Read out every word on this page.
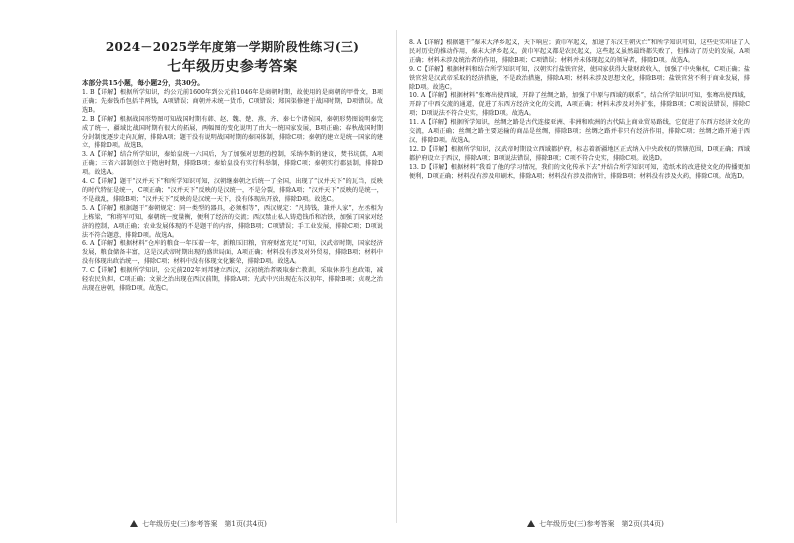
2024－2025学年度第一学期阶段性练习(三)
七年级历史参考答案
本部分共15小题，每小题2分，共30分。

1. B【详解】根据所学知识，约公元前1600年到公元前1046年是商朝时期，故使用的是商朝的甲骨文，B项正确；先秦钱币包括半两钱，A项错误；商朝并未统一货币，C项错误；郑国渠修建于战国时期，D项错误。故选B。

2. B【详解】根据战国形势图可知战国时期有韩、赵、魏、楚、燕、齐、秦七个诸侯国，秦朝形势图说明秦完成了统一，疆域比战国时期有很大的拓展，两幅图的变化说明了由大一统国家发展，B项正确；春秋战国时期分封制度逐步走向瓦解，排除A项；题干没有说明战国时期的秦国体制，排除C项；秦朝的建立是统一国家的建立，排除D项。故选B。

3. A【详解】结合所学知识，秦始皇统一六国后，为了加强对思想的控制，采纳李斯的建议，焚书坑儒，A项正确；三省六部制创立于隋唐时期，排除B项；秦始皇没有实行科举制，排除C项；秦朝实行郡县制，排除D项。故选A。

4. C【详解】题干“汉并天下”和所学知识可知，汉朝继秦朝之后统一了全国，出现了“汉并天下”的瓦当，反映的时代特征是统一，C项正确；“汉并天下”反映的是汉统一，不是分裂，排除A项；“汉并天下”反映的是统一，不是战乱，排除B项；“汉并天下”反映的是汉统一天下，没有体现出开放，排除D项。故选C。

5. A【详解】根据题干“秦朝规定：同一类型的器具，必须相等”，西汉规定：“凡铸钱，兼并人家”，左丞相为上栋梁，“和将军可知，秦朝统一度量衡，便利了经济的交流；西汉禁止私人铸造钱币和冶铁，加强了国家对经济的控制，A项正确；农业发展体现的不是题干的内容，排除B项；C项错误；手工业发展，排除C项；D项说法不符合题意，排除D项。故选A。

6. A【详解】根据材料“仓库的粮食一年压着一年，新粮压旧粮，官府财富充足”可知，汉武帝时期，国家经济发展，粮食储备丰富，这是汉武帝时期出现的盛世局面，A项正确；材料没有涉及对外贸易，排除B项；材料中没有体现出政治统一，排除C项；材料中没有体现文化繁荣，排除D项。故选A。

7. C【详解】根据所学知识，公元前202年刘邦建立西汉，汉初统治者吸取秦亡教训，采取休养生息政策，减轻农民负担，C项正确；文景之治出现在西汉前期，排除A项；光武中兴出现在东汉初年，排除B项；贞观之治出现在唐朝，排除D项。故选C。

七年级历史(三)参考答案　第1页(共4页)

8. A【详解】根据题干“秦末大泽乡起义，天下响应；黄巾军起义，加速了东汉王朝灭亡”和所学知识可知，这些史实印证了人民对历史的推动作用，秦末大泽乡起义，黄巾军起义都是农民起义，这些起义虽然最终都失败了，但推动了历史的发展，A项正确；材料未涉及统治者的作用，排除B项；C项错误；材料并未体现起义的领导者，排除D项。故选A。

9. C【详解】根据材料和结合所学知识可知，汉朝实行盐铁官营，使国家获得大量财政收入，加强了中央集权，C项正确；盐铁官营是汉武帝采取的经济措施，不是政治措施，排除A项；材料未涉及思想文化，排除B项；盐铁官营不利于商业发展，排除D项。故选C。

10. A【详解】根据材料“张骞出使西域，开辟了丝绸之路，加强了中原与西域的联系”，结合所学知识可知，张骞出使西域，开辟了中西交流的通道，促进了东西方经济文化的交流，A项正确；材料未涉及对外扩张，排除B项；C项说法错误，排除C项；D项说法不符合史实，排除D项。故选A。

11. A【详解】根据所学知识，丝绸之路是古代连接亚洲、非洲和欧洲的古代陆上商业贸易路线，它促进了东西方经济文化的交流，A项正确；丝绸之路主要运输的商品是丝绸，排除B项；丝绸之路并非只有经济作用，排除C项；丝绸之路开通于西汉，排除D项。故选A。

12. D【详解】根据所学知识，汉武帝时期设立西域都护府，标志着新疆地区正式纳入中央政权的管辖范围，D项正确；西域都护府设立于西汉，排除A项；B项说法错误，排除B项；C项不符合史实，排除C项。故选D。

13. D【详解】根据材料“我看了他的学习情况，我们的文化传承下去”并结合所学知识可知，造纸术的改进使文化的传播更加便利，D项正确；材料没有涉及印刷术，排除A项；材料没有涉及指南针，排除B项；材料没有涉及火药，排除C项。故选D。

七年级历史(三)参考答案　第2页(共4页)
